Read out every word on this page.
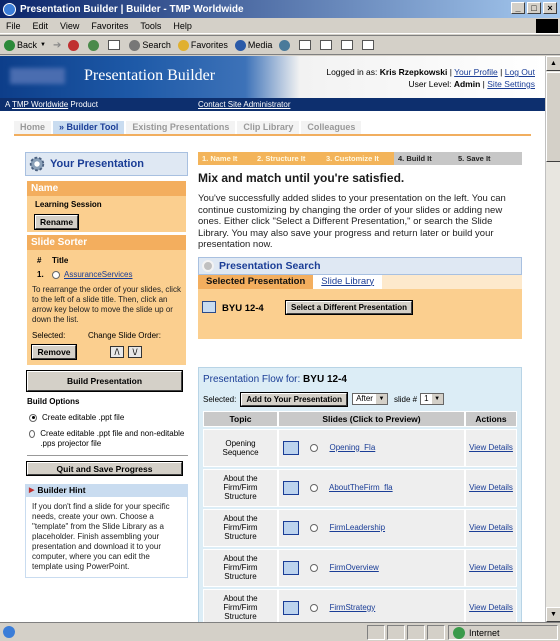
Presentation Builder | Builder - TMP Worldwide	_	□	×
File Edit View Favorites Tools Help
Back ▼ ➔	Search Favorites Media
Presentation Builder	Logged in as: Kris Rzepkowski | Your Profile | Log Out
User Level: Admin | Site Settings
A TMP Worldwide Product	Contact Site Administrator
Home	» Builder Tool	Existing Presentations	Clip Library	Colleagues
Your Presentation
Name
Learning Session
Rename
Slide Sorter
#	Title
1.	AssuranceServices
To rearrange the order of your slides, click to the left of a slide title. Then, click an arrow key below to move the slide up or down the list.
Selected:	Change Slide Order:
Remove	/\	\/
Build Presentation
Build Options
Create editable .ppt file
Create editable .ppt file and non-editable .pps projector file
Quit and Save Progress
▶ Builder Hint
If you don't find a slide for your specific needs, create your own. Choose a "template" from the Slide Library as a placeholder. Finish assembling your presentation and download it to your computer, where you can edit the template using PowerPoint.
1. Name It	2. Structure It	3. Customize It	4. Build It	5. Save It
Mix and match until you're satisfied.
You've successfully added slides to your presentation on the left. You can continue customizing by changing the order of your slides or adding new ones. Either click "Select a Different Presentation," or search the Slide Library. You may also save your progress and return later or build your presentation now.
Presentation Search
Selected Presentation	Slide Library
BYU 12-4	Select a Different Presentation
Presentation Flow for: BYU 12-4
Selected:	Add to Your Presentation	After ▼	slide # 1 ▼
Topic	Slides (Click to Preview)	Actions
Opening Sequence	Opening_Fla	View Details
About the Firm/Firm Structure	AboutTheFirm_fla	View Details
About the Firm/Firm Structure	FirmLeadership	View Details
About the Firm/Firm Structure	FirmOverview	View Details
About the Firm/Firm Structure	FirmStrategy	View Details
▲
▼
Internet
